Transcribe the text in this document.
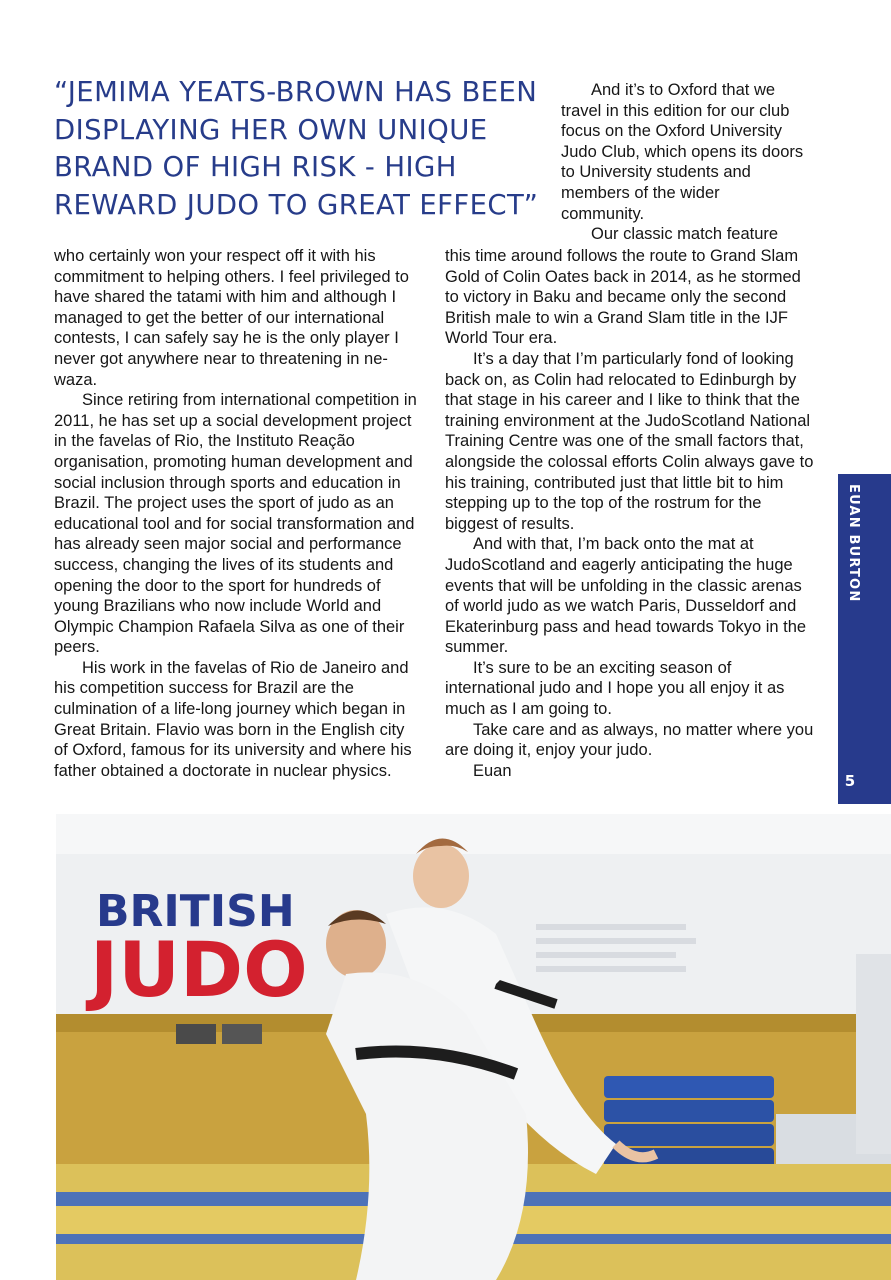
“JEMIMA YEATS-BROWN HAS BEEN DISPLAYING HER OWN UNIQUE BRAND OF HIGH RISK - HIGH REWARD JUDO TO GREAT EFFECT”

And it’s to Oxford that we travel in this edition for our club focus on the Oxford University Judo Club, which opens its doors to University students and members of the wider community.

Our classic match feature

who certainly won your respect off it with his commitment to helping others. I feel privileged to have shared the tatami with him and although I managed to get the better of our international contests, I can safely say he is the only player I never got anywhere near to threatening in ne-waza.

Since retiring from international competition in 2011, he has set up a social development project in the favelas of Rio, the Instituto Reação organisation, promoting human development and social inclusion through sports and education in Brazil. The project uses the sport of judo as an educational tool and for social transformation and has already seen major social and performance success, changing the lives of its students and opening the door to the sport for hundreds of young Brazilians who now include World and Olympic Champion Rafaela Silva as one of their peers.

His work in the favelas of Rio de Janeiro and his competition success for Brazil are the culmination of a life-long journey which began in Great Britain. Flavio was born in the English city of Oxford, famous for its university and where his father obtained a doctorate in nuclear physics.

this time around follows the route to Grand Slam Gold of Colin Oates back in 2014, as he stormed to victory in Baku and became only the second British male to win a Grand Slam title in the IJF World Tour era.

It’s a day that I’m particularly fond of looking back on, as Colin had relocated to Edinburgh by that stage in his career and I like to think that the training environment at the JudoScotland National Training Centre was one of the small factors that, alongside the colossal efforts Colin always gave to his training, contributed just that little bit to him stepping up to the top of the rostrum for the biggest of results.

And with that, I’m back onto the mat at JudoScotland and eagerly anticipating the huge events that will be unfolding in the classic arenas of world judo as we watch Paris, Dusseldorf and Ekaterinburg pass and head towards Tokyo in the summer.

It’s sure to be an exciting season of international judo and I hope you all enjoy it as much as I am going to.

Take care and as always, no matter where you are doing it, enjoy your judo.

Euan

EUAN BURTON
5
BRITISH
JUDO
